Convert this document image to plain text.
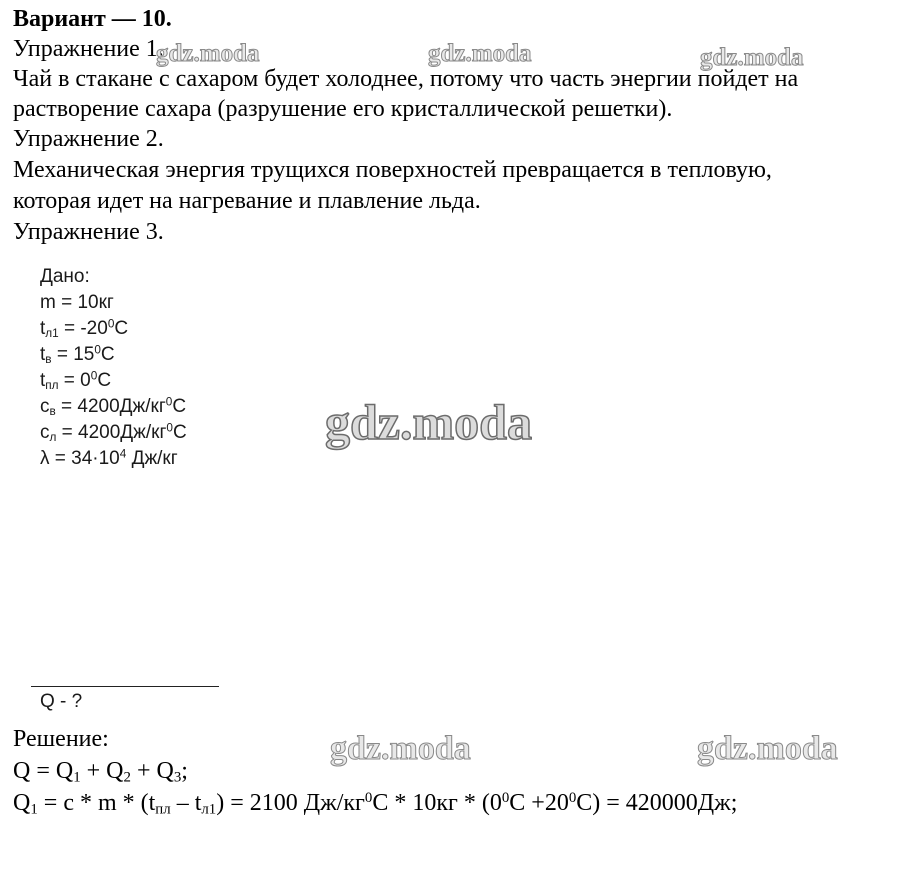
Вариант — 10.
Упражнение 1.
Чай в стакане с сахаром будет холоднее, потому что часть энергии пойдет на
растворение сахара (разрушение его кристаллической решетки).
Упражнение 2.
Механическая энергия трущихся поверхностей превращается в тепловую,
которая идет на нагревание и плавление льда.
Упражнение 3.
Дано:
m = 10кг
$t_{л1} = -20^0C$
$t_в = 15^0C$
$t_{пл} = 0^0C$
$c_в = 4200Дж/кг^0C$
$c_л = 4200Дж/кг^0C$
$\lambda = 34\cdot 10^4$ Дж/кг
Q - ?
Решение:
$Q = Q_1 + Q_2 + Q_3$;
$Q_1 = c * m * (t_{пл} - t_{л1}) = 2100$ $Дж/кг^0C * 10кг * (0^0C +20^0C) = 420000Дж$;
gdz.moda	gdz.moda	gdz.moda
gdz.moda
gdz.moda	gdz.moda
